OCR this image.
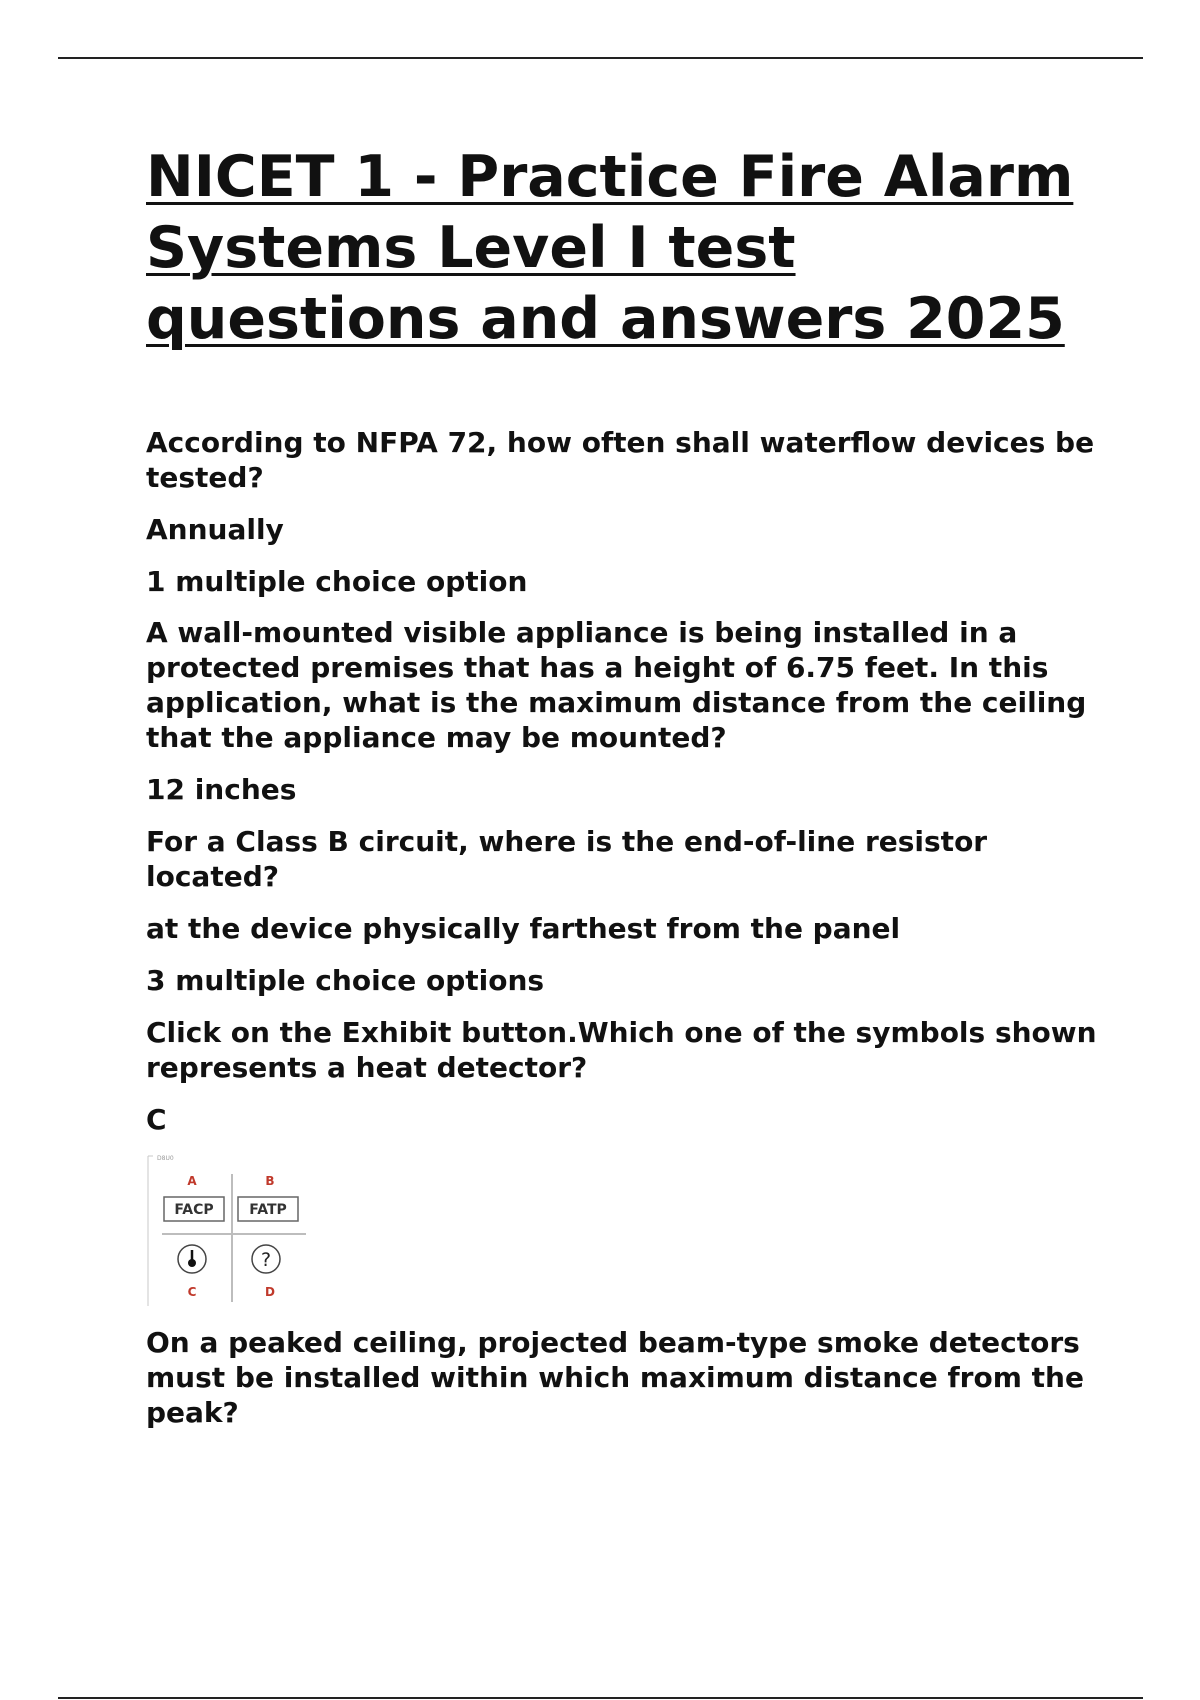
NICET 1 - Practice Fire Alarm Systems Level I test questions and answers 2025

According to NFPA 72, how often shall waterflow devices be tested?

Annually

1 multiple choice option

A wall-mounted visible appliance is being installed in a protected premises that has a height of 6.75 feet. In this application, what is the maximum distance from the ceiling that the appliance may be mounted?

12 inches

For a Class B circuit, where is the end-of-line resistor located?

at the device physically farthest from the panel

3 multiple choice options

Click on the Exhibit button.Which one of the symbols shown represents a heat detector?

C

D8U0
A	B
FACP	FATP
?
C	D

On a peaked ceiling, projected beam-type smoke detectors must be installed within which maximum distance from the peak?
